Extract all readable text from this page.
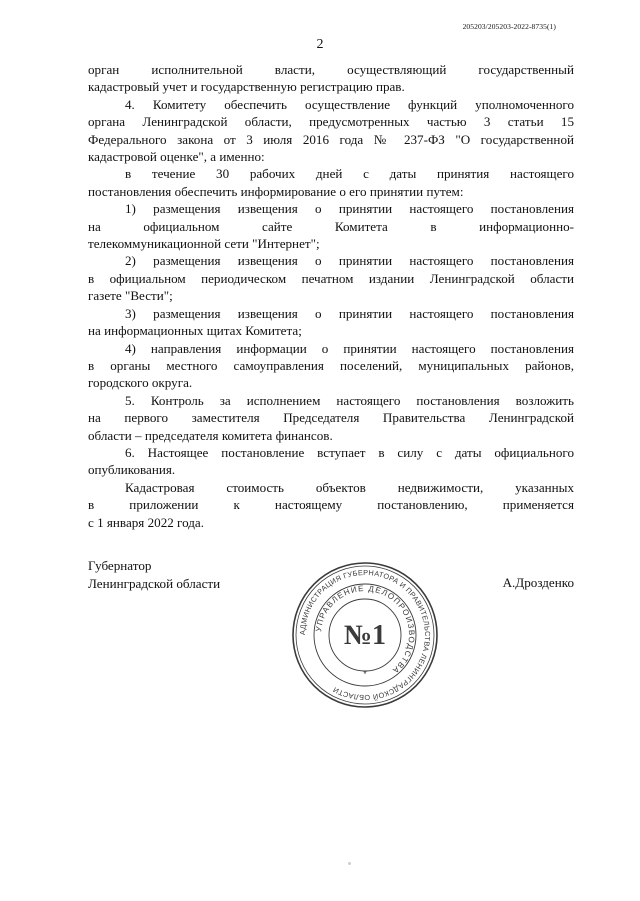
205203/205203-2022-8735(1)
2

орган исполнительной власти, осуществляющий государственный

кадастровый учет и государственную регистрацию прав.

4. Комитету обеспечить осуществление функций уполномоченного

органа Ленинградской области, предусмотренных частью 3 статьи 15

Федерального закона от 3 июля 2016 года № 237-ФЗ "О государственной

кадастровой оценке", а именно:

в течение 30 рабочих дней с даты принятия настоящего

постановления обеспечить информирование о его принятии путем:

1) размещения извещения о принятии настоящего постановления

на официальном сайте Комитета в информационно-

телекоммуникационной сети "Интернет";

2) размещения извещения о принятии настоящего постановления

в официальном периодическом печатном издании Ленинградской области

газете "Вести";

3) размещения извещения о принятии настоящего постановления

на информационных щитах Комитета;

4) направления информации о принятии настоящего постановления

в органы местного самоуправления поселений, муниципальных районов,

городского округа.

5. Контроль за исполнением настоящего постановления возложить

на первого заместителя Председателя Правительства Ленинградской

области – председателя комитета финансов.

6. Настоящее постановление вступает в силу с даты официального

опубликования.

Кадастровая стоимость объектов недвижимости, указанных

в приложении к настоящему постановлению, применяется

с 1 января 2022 года.

Губернатор
Ленинградской области	А.Дрозденко
АДМИНИСТРАЦИЯ ГУБЕРНАТОРА И ПРАВИТЕЛЬСТВА ЛЕНИНГРАДСКОЙ ОБЛАСТИ
УПРАВЛЕНИЕ ДЕЛОПРОИЗВОДСТВА
№1
*
